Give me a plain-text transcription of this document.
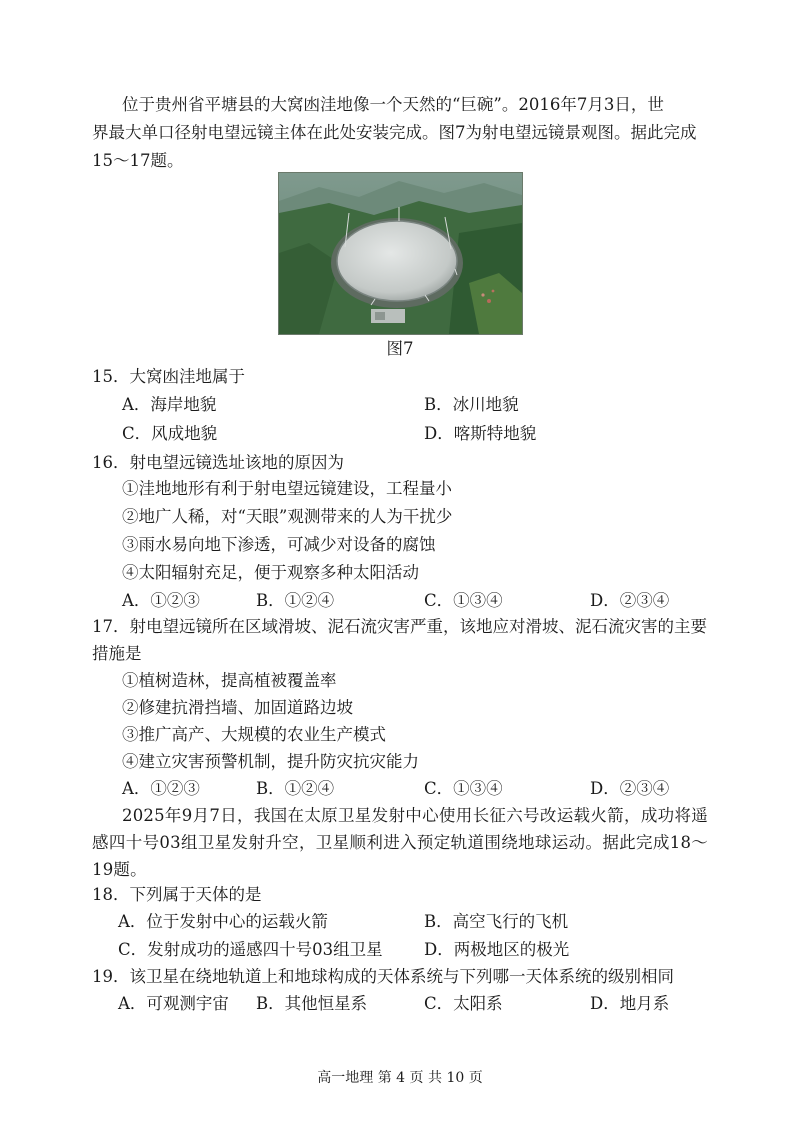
位于贵州省平塘县的大窝凼洼地像一个天然的“巨碗”。2016年7月3日，世
界最大单口径射电望远镜主体在此处安装完成。图7为射电望远镜景观图。据此完成
15～17题。
图7
15．大窝凼洼地属于
A．海岸地貌	B．冰川地貌
C．风成地貌	D．喀斯特地貌
16．射电望远镜选址该地的原因为
①洼地地形有利于射电望远镜建设，工程量小
②地广人稀，对“天眼”观测带来的人为干扰少
③雨水易向地下渗透，可减少对设备的腐蚀
④太阳辐射充足，便于观察多种太阳活动
A．①②③	B．①②④	C．①③④	D．②③④
17．射电望远镜所在区域滑坡、泥石流灾害严重，该地应对滑坡、泥石流灾害的主要
措施是
①植树造林，提高植被覆盖率
②修建抗滑挡墙、加固道路边坡
③推广高产、大规模的农业生产模式
④建立灾害预警机制，提升防灾抗灾能力
A．①②③	B．①②④	C．①③④	D．②③④

2025年9月7日，我国在太原卫星发射中心使用长征六号改运载火箭，成功将遥感四十号03组卫星发射升空，卫星顺利进入预定轨道围绕地球运动。据此完成18～19题。

18．下列属于天体的是
A．位于发射中心的运载火箭	B．高空飞行的飞机
C．发射成功的遥感四十号03组卫星	D．两极地区的极光
19．该卫星在绕地轨道上和地球构成的天体系统与下列哪一天体系统的级别相同
A．可观测宇宙 B．其他恒星系	C．太阳系	D．地月系
高一地理 第 4 页 共 10 页
